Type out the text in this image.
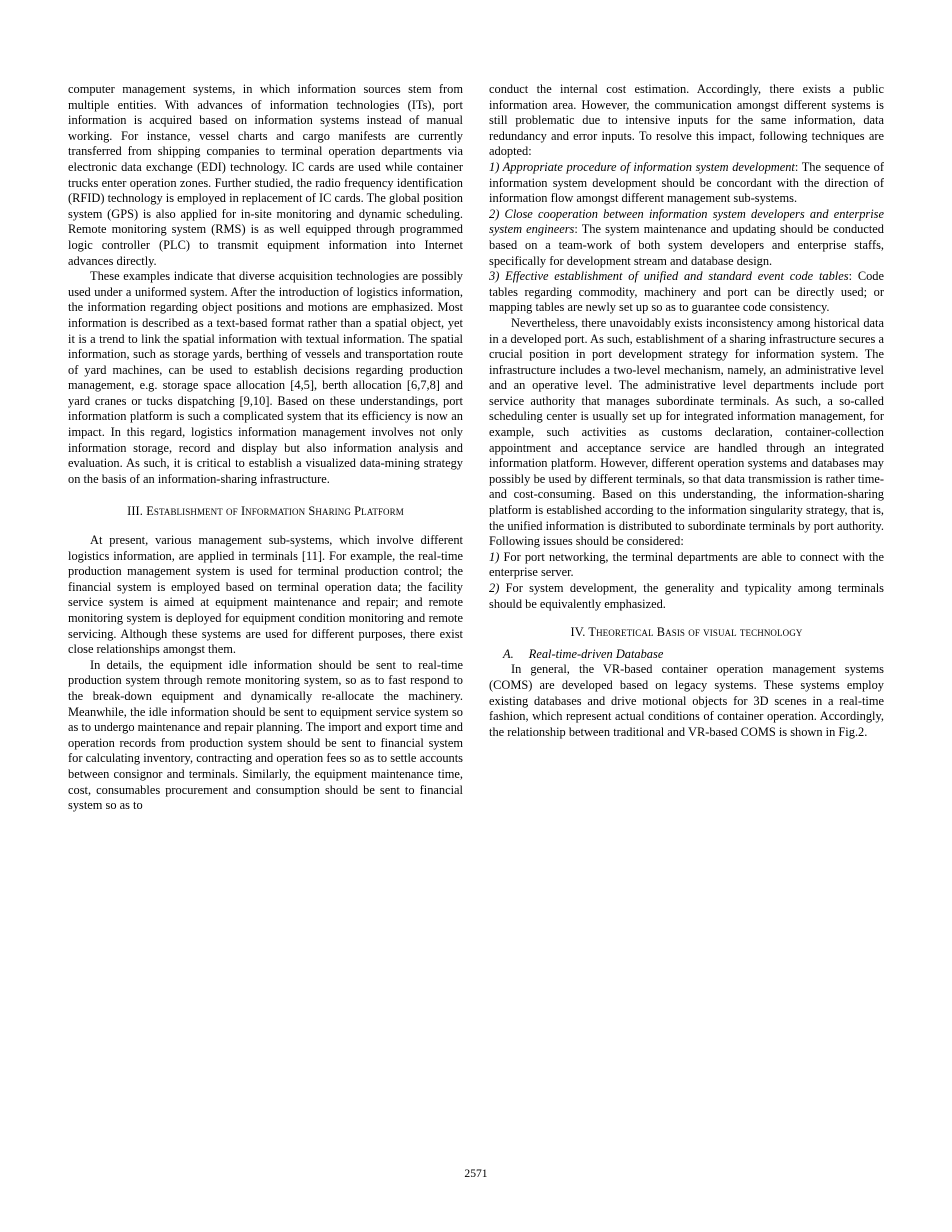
computer management systems, in which information sources stem from multiple entities. With advances of information technologies (ITs), port information is acquired based on information systems instead of manual working. For instance, vessel charts and cargo manifests are currently transferred from shipping companies to terminal operation departments via electronic data exchange (EDI) technology. IC cards are used while container trucks enter operation zones. Further studied, the radio frequency identification (RFID) technology is employed in replacement of IC cards. The global position system (GPS) is also applied for in-site monitoring and dynamic scheduling. Remote monitoring system (RMS) is as well equipped through programmed logic controller (PLC) to transmit equipment information into Internet advances directly.

These examples indicate that diverse acquisition technologies are possibly used under a uniformed system. After the introduction of logistics information, the information regarding object positions and motions are emphasized. Most information is described as a text-based format rather than a spatial object, yet it is a trend to link the spatial information with textual information. The spatial information, such as storage yards, berthing of vessels and transportation route of yard machines, can be used to establish decisions regarding production management, e.g. storage space allocation [4,5], berth allocation [6,7,8] and yard cranes or tucks dispatching [9,10]. Based on these understandings, port information platform is such a complicated system that its efficiency is now an impact. In this regard, logistics information management involves not only information storage, record and display but also information analysis and evaluation. As such, it is critical to establish a visualized data-mining strategy on the basis of an information-sharing infrastructure.

III. Establishment of Information Sharing Platform

At present, various management sub-systems, which involve different logistics information, are applied in terminals [11]. For example, the real-time production management system is used for terminal production control; the financial system is employed based on terminal operation data; the facility service system is aimed at equipment maintenance and repair; and remote monitoring system is deployed for equipment condition monitoring and remote servicing. Although these systems are used for different purposes, there exist close relationships amongst them.

In details, the equipment idle information should be sent to real-time production system through remote monitoring system, so as to fast respond to the break-down equipment and dynamically re-allocate the machinery. Meanwhile, the idle information should be sent to equipment service system so as to undergo maintenance and repair planning. The import and export time and operation records from production system should be sent to financial system for calculating inventory, contracting and operation fees so as to settle accounts between consignor and terminals. Similarly, the equipment maintenance time, cost, consumables procurement and consumption should be sent to financial system so as to

conduct the internal cost estimation. Accordingly, there exists a public information area. However, the communication amongst different systems is still problematic due to intensive inputs for the same information, data redundancy and error inputs. To resolve this impact, following techniques are adopted:

1) Appropriate procedure of information system development: The sequence of information system development should be concordant with the direction of information flow amongst different management sub-systems.

2) Close cooperation between information system developers and enterprise system engineers: The system maintenance and updating should be conducted based on a team-work of both system developers and enterprise staffs, specifically for development stream and database design.

3) Effective establishment of unified and standard event code tables: Code tables regarding commodity, machinery and port can be directly used; or mapping tables are newly set up so as to guarantee code consistency.

Nevertheless, there unavoidably exists inconsistency among historical data in a developed port. As such, establishment of a sharing infrastructure secures a crucial position in port development strategy for information system. The infrastructure includes a two-level mechanism, namely, an administrative level and an operative level. The administrative level departments include port service authority that manages subordinate terminals. As such, a so-called scheduling center is usually set up for integrated information management, for example, such activities as customs declaration, container-collection appointment and acceptance service are handled through an integrated information platform. However, different operation systems and databases may possibly be used by different terminals, so that data transmission is rather time- and cost-consuming. Based on this understanding, the information-sharing platform is established according to the information singularity strategy, that is, the unified information is distributed to subordinate terminals by port authority. Following issues should be considered:

1) For port networking, the terminal departments are able to connect with the enterprise server.

2) For system development, the generality and typicality among terminals should be equivalently emphasized.

IV. Theoretical Basis of visual technology

A. Real-time-driven Database

In general, the VR-based container operation management systems (COMS) are developed based on legacy systems. These systems employ existing databases and drive motional objects for 3D scenes in a real-time fashion, which represent actual conditions of container operation. Accordingly, the relationship between traditional and VR-based COMS is shown in Fig.2.

2571
